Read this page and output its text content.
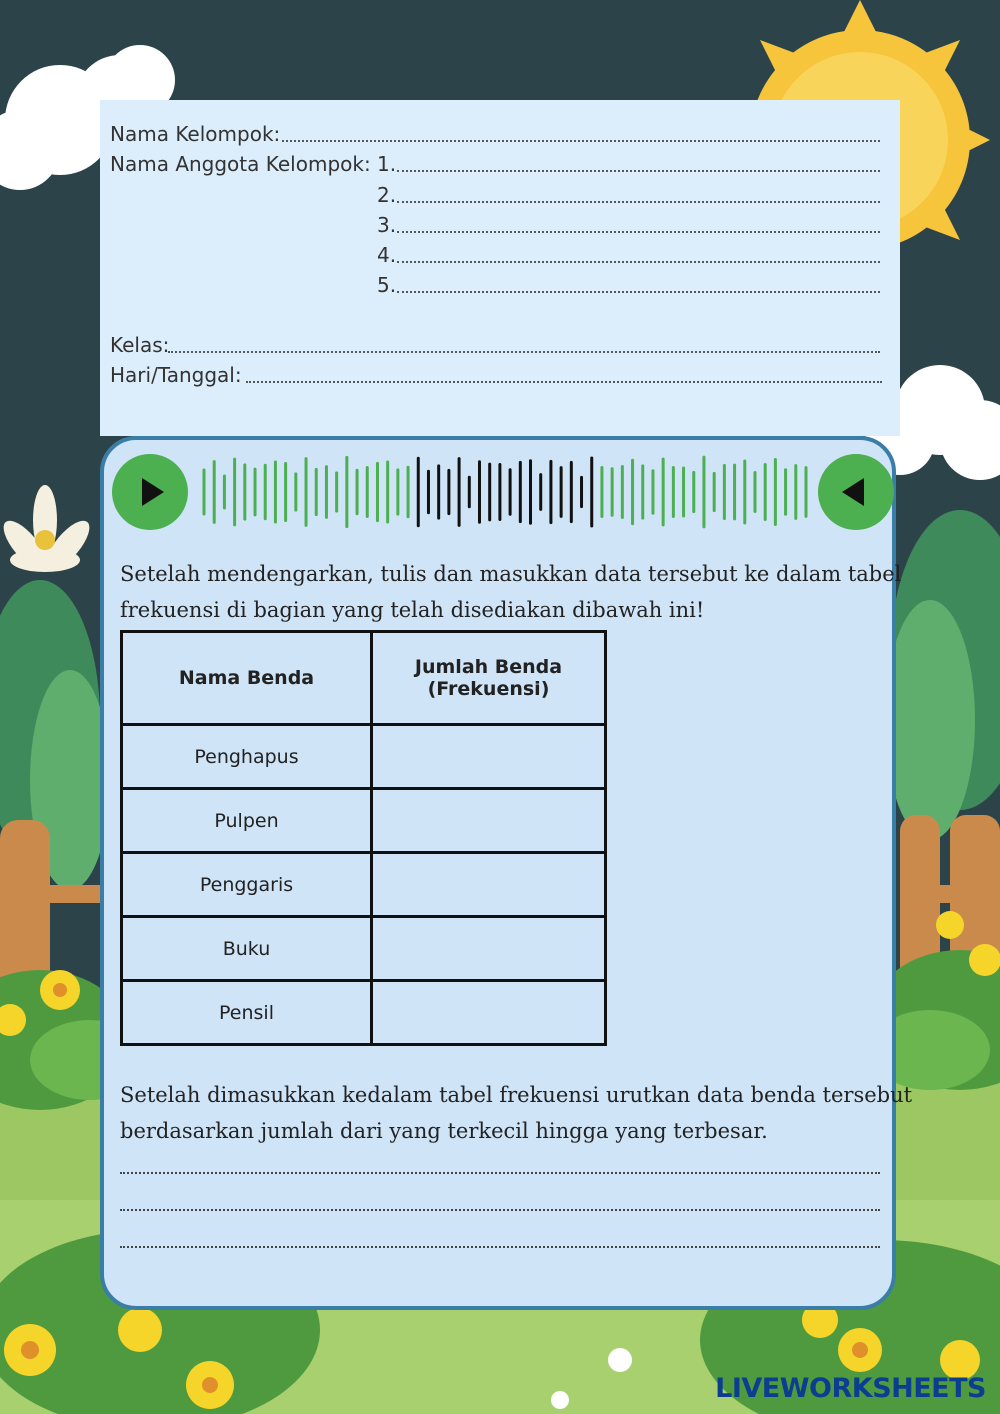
Nama Kelompok:
Nama Anggota Kelompok: 1.
2.
3.
4.
5.
Kelas:
Hari/Tanggal:
Setelah mendengarkan, tulis dan masukkan data tersebut ke dalam tabel
frekuensi di bagian yang telah disediakan dibawah ini!
Nama Benda	Jumlah Benda
(Frekuensi)

Penghapus	
Pulpen	
Penggaris	
Buku	
Pensil	
Setelah dimasukkan kedalam tabel frekuensi urutkan data benda tersebut
berdasarkan jumlah dari yang terkecil hingga yang terbesar.
LIVEWORKSHEETS
